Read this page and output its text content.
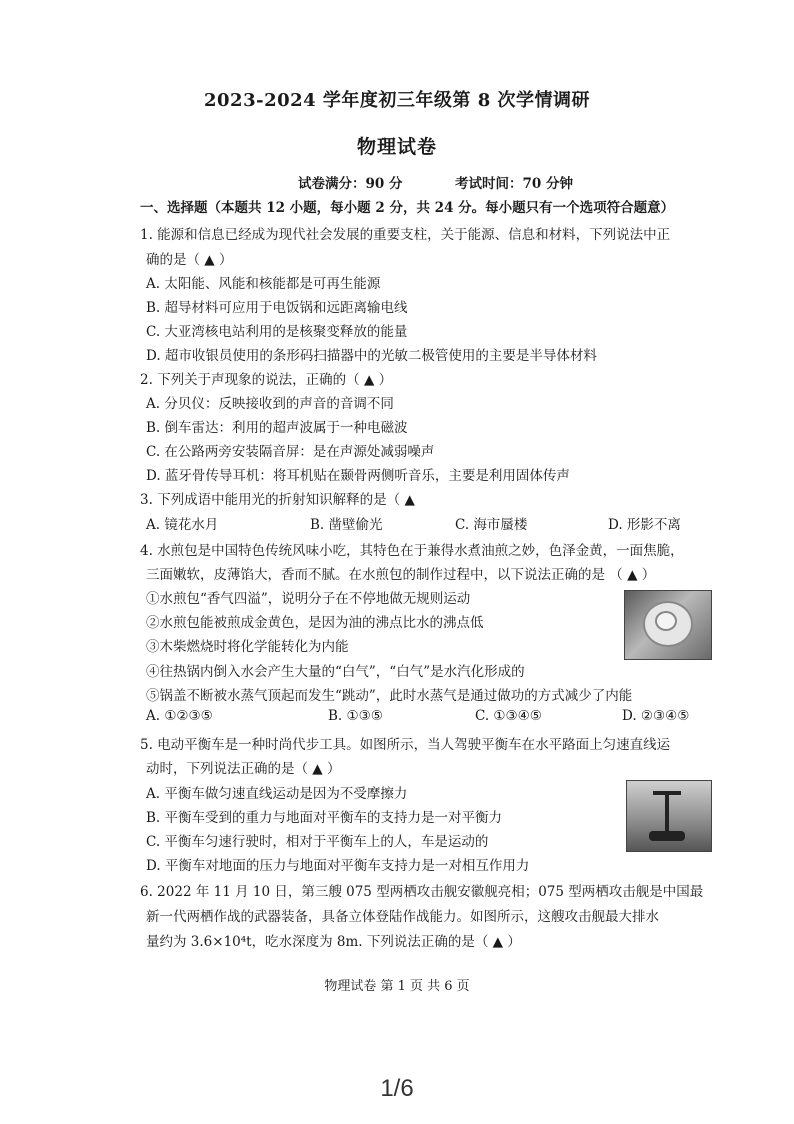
2023-2024 学年度初三年级第 8 次学情调研
物理试卷
试卷满分：90 分	考试时间：70 分钟
一、选择题（本题共 12 小题，每小题 2 分，共 24 分。每小题只有一个选项符合题意）
1. 能源和信息已经成为现代社会发展的重要支柱，关于能源、信息和材料，下列说法中正
确的是（ ▲ ）
A. 太阳能、风能和核能都是可再生能源
B. 超导材料可应用于电饭锅和远距离输电线
C. 大亚湾核电站利用的是核聚变释放的能量
D. 超市收银员使用的条形码扫描器中的光敏二极管使用的主要是半导体材料
2. 下列关于声现象的说法，正确的（ ▲ ）
A. 分贝仪：反映接收到的声音的音调不同
B. 倒车雷达：利用的超声波属于一种电磁波
C. 在公路两旁安装隔音屏：是在声源处减弱噪声
D. 蓝牙骨传导耳机：将耳机贴在颞骨两侧听音乐，主要是利用固体传声
3. 下列成语中能用光的折射知识解释的是（ ▲
A. 镜花水月	B. 凿壁偷光	C. 海市蜃楼	D. 形影不离
4. 水煎包是中国特色传统风味小吃，其特色在于兼得水煮油煎之妙，色泽金黄，一面焦脆，
三面嫩软，皮薄馅大，香而不腻。在水煎包的制作过程中，以下说法正确的是 （ ▲ ）
①水煎包“香气四溢”，说明分子在不停地做无规则运动
②水煎包能被煎成金黄色，是因为油的沸点比水的沸点低
③木柴燃烧时将化学能转化为内能
④往热锅内倒入水会产生大量的“白气”，“白气”是水汽化形成的
⑤锅盖不断被水蒸气顶起而发生“跳动”，此时水蒸气是通过做功的方式减少了内能
A. ①②③⑤	B. ①③⑤	C. ①③④⑤	D. ②③④⑤
5. 电动平衡车是一种时尚代步工具。如图所示，当人驾驶平衡车在水平路面上匀速直线运
动时，下列说法正确的是（ ▲ ）
A. 平衡车做匀速直线运动是因为不受摩擦力
B. 平衡车受到的重力与地面对平衡车的支持力是一对平衡力
C. 平衡车匀速行驶时，相对于平衡车上的人，车是运动的
D. 平衡车对地面的压力与地面对平衡车支持力是一对相互作用力
6. 2022 年 11 月 10 日，第三艘 075 型两栖攻击舰安徽舰亮相；075 型两栖攻击舰是中国最
新一代两栖作战的武器装备，具备立体登陆作战能力。如图所示，这艘攻击舰最大排水
量约为 3.6×10⁴t，吃水深度为 8m. 下列说法正确的是（ ▲ ）
物理试卷 第 1 页 共 6 页
1/6
